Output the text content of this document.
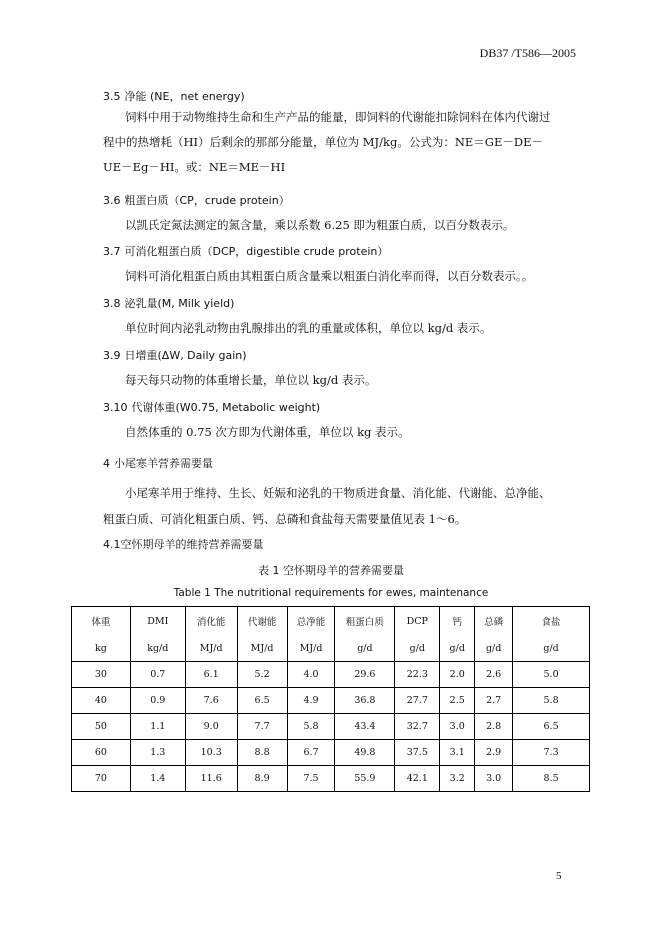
DB37 /T586—2005
3.5 净能 (NE，net energy)
饲料中用于动物维持生命和生产产品的能量，即饲料的代谢能扣除饲料在体内代谢过程中的热增耗（HI）后剩余的那部分能量，单位为 MJ/kg。公式为：NE＝GE－DE－UE－Eg－HI。或：NE＝ME－HI
3.6 粗蛋白质（CP，crude protein）
以凯氏定氮法测定的氮含量，乘以系数 6.25 即为粗蛋白质，以百分数表示。
3.7 可消化粗蛋白质（DCP，digestible crude protein）
饲料可消化粗蛋白质由其粗蛋白质含量乘以粗蛋白消化率而得，以百分数表示。。
3.8 泌乳量(M, Milk yield)
单位时间内泌乳动物由乳腺排出的乳的重量或体积，单位以 kg/d 表示。
3.9 日增重(ΔW, Daily gain)
每天每只动物的体重增长量，单位以 kg/d 表示。
3.10 代谢体重(W0.75, Metabolic weight)
自然体重的 0.75 次方即为代谢体重，单位以 kg 表示。
4 小尾寒羊营养需要量
小尾寒羊用于维持、生长、妊娠和泌乳的干物质进食量、消化能、代谢能、总净能、粗蛋白质、可消化粗蛋白质、钙、总磷和食盐每天需要量值见表 1～6。
4.1空怀期母羊的维持营养需要量
表 1 空怀期母羊的营养需要量
Table 1 The nutritional requirements for ewes, maintenance
体重	DMI	消化能	代谢能	总净能	粗蛋白质	DCP	钙	总磷	食盐
kg	kg/d	MJ/d	MJ/d	MJ/d	g/d	g/d	g/d	g/d	g/d
30	0.7	6.1	5.2	4.0	29.6	22.3	2.0	2.6	5.0
40	0.9	7.6	6.5	4.9	36.8	27.7	2.5	2.7	5.8
50	1.1	9.0	7.7	5.8	43.4	32.7	3.0	2.8	6.5
60	1.3	10.3	8.8	6.7	49.8	37.5	3.1	2.9	7.3
70	1.4	11.6	8.9	7.5	55.9	42.1	3.2	3.0	8.5
5
